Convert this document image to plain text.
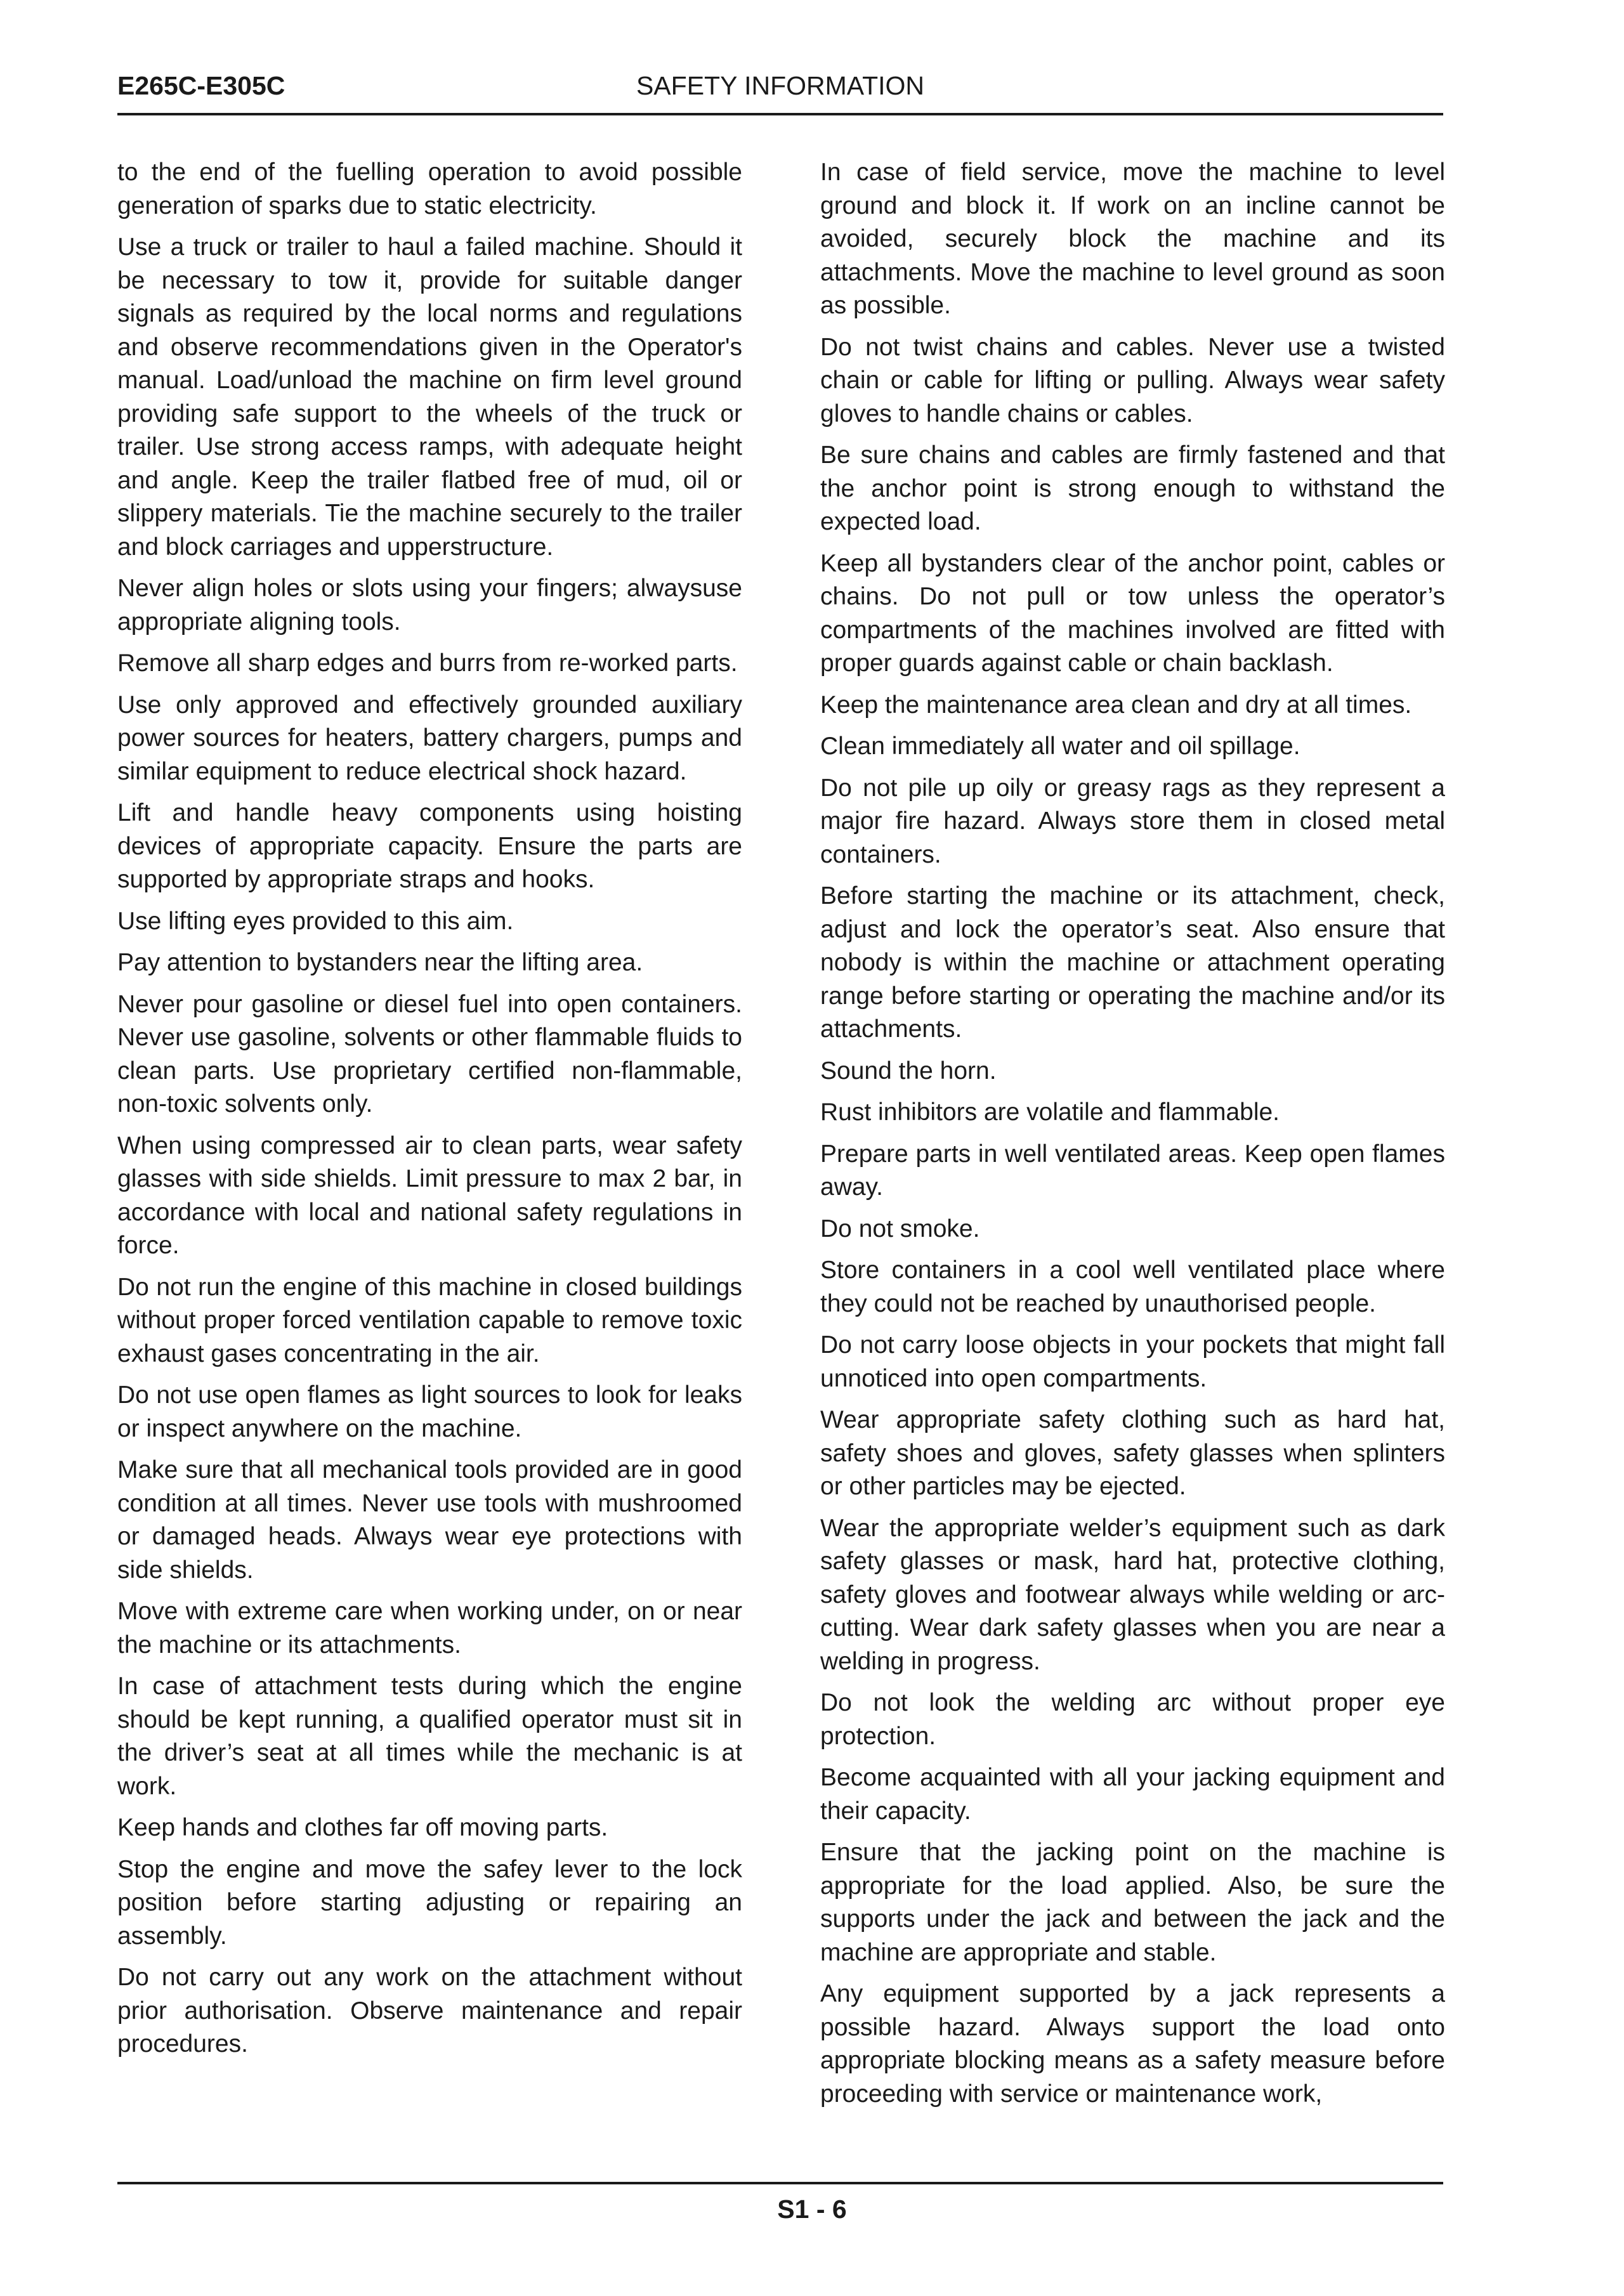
E265C-E305C	SAFETY INFORMATION

to the end of the fuelling operation to avoid possible generation of sparks due to static electricity.

Use a truck or trailer to haul a failed machine. Should it be necessary to tow it, provide for suitable danger signals as required by the local norms and regulations and observe recommendations given in the Operator's manual. Load/unload the machine on firm level ground providing safe support to the wheels of the truck or trailer. Use strong access ramps, with adequate height and angle. Keep the trailer flatbed free of mud, oil or slippery materials. Tie the machine securely to the trailer and block carriages and upperstructure.

Never align holes or slots using your fingers; alwaysuse appropriate aligning tools.

Remove all sharp edges and burrs from re-worked parts.

Use only approved and effectively grounded auxiliary power sources for heaters, battery chargers, pumps and similar equipment to reduce electrical shock hazard.

Lift and handle heavy components using hoisting devices of appropriate capacity. Ensure the parts are supported by appropriate straps and hooks.

Use lifting eyes provided to this aim.

Pay attention to bystanders near the lifting area.

Never pour gasoline or diesel fuel into open containers. Never use gasoline, solvents or other flammable fluids to clean parts. Use proprietary certified non-flammable, non-toxic solvents only.

When using compressed air to clean parts, wear safety glasses with side shields. Limit pressure to max 2 bar, in accordance with local and national safety regulations in force.

Do not run the engine of this machine in closed buildings without proper forced ventilation capable to remove toxic exhaust gases concentrating in the air.

Do not use open flames as light sources to look for leaks or inspect anywhere on the machine.

Make sure that all mechanical tools provided are in good condition at all times. Never use tools with mushroomed or damaged heads. Always wear eye protections with side shields.

Move with extreme care when working under, on or near the machine or its attachments.

In case of attachment tests during which the engine should be kept running, a qualified operator must sit in the driver’s seat at all times while the mechanic is at work.

Keep hands and clothes far off moving parts.

Stop the engine and move the safey lever to the lock position before starting adjusting or repairing an assembly.

Do not carry out any work on the attachment without prior authorisation. Observe maintenance and repair procedures.

In case of field service, move the machine to level ground and block it. If work on an incline cannot be avoided, securely block the machine and its attachments. Move the machine to level ground as soon as possible.

Do not twist chains and cables. Never use a twisted chain or cable for lifting or pulling. Always wear safety gloves to handle chains or cables.

Be sure chains and cables are firmly fastened and that the anchor point is strong enough to withstand the expected load.

Keep all bystanders clear of the anchor point, cables or chains. Do not pull or tow unless the operator’s compartments of the machines involved are fitted with proper guards against cable or chain backlash.

Keep the maintenance area clean and dry at all times.

Clean immediately all water and oil spillage.

Do not pile up oily or greasy rags as they represent a major fire hazard. Always store them in closed metal containers.

Before starting the machine or its attachment, check, adjust and lock the operator’s seat. Also ensure that nobody is within the machine or attachment operating range before starting or operating the machine and/or its attachments.

Sound the horn.

Rust inhibitors are volatile and flammable.

Prepare parts in well ventilated areas. Keep open flames away.

Do not smoke.

Store containers in a cool well ventilated place where they could not be reached by unauthorised people.

Do not carry loose objects in your pockets that might fall unnoticed into open compartments.

Wear appropriate safety clothing such as hard hat, safety shoes and gloves, safety glasses when splinters or other particles may be ejected.

Wear the appropriate welder’s equipment such as dark safety glasses or mask, hard hat, protective clothing, safety gloves and footwear always while welding or arc-cutting. Wear dark safety glasses when you are near a welding in progress.

Do not look the welding arc without proper eye protection.

Become acquainted with all your jacking equipment and their capacity.

Ensure that the jacking point on the machine is appropriate for the load applied. Also, be sure the supports under the jack and between the jack and the machine are appropriate and stable.

Any equipment supported by a jack represents a possible hazard. Always support the load onto appropriate blocking means as a safety measure before proceeding with service or maintenance work,

S1 - 6
